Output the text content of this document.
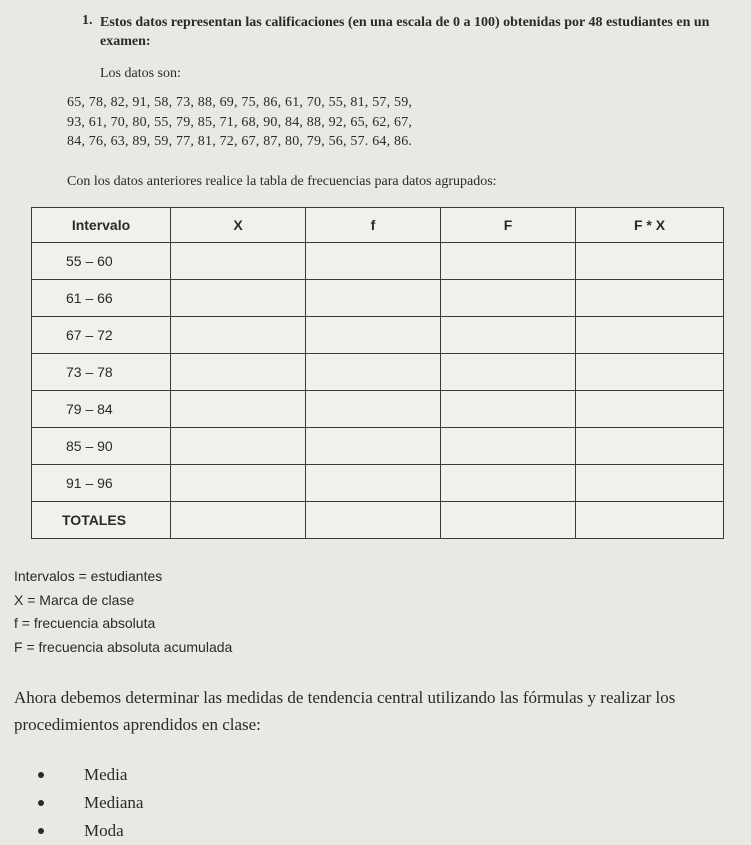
1. Estos datos representan las calificaciones (en una escala de 0 a 100) obtenidas por 48 estudiantes en un examen:
Los datos son:
65, 78, 82, 91, 58, 73, 88, 69, 75, 86, 61, 70, 55, 81, 57, 59,
93, 61, 70, 80, 55, 79, 85, 71, 68, 90, 84, 88, 92, 65, 62, 67,
84, 76, 63, 89, 59, 77, 81, 72, 67, 87, 80, 79, 56, 57. 64, 86.
Con los datos anteriores realice la tabla de frecuencias para datos agrupados:
Intervalo	X	f	F	F * X
55 – 60				
61 – 66				
67 – 72				
73 – 78				
79 – 84				
85 – 90				
91 – 96				
TOTALES				
Intervalos = estudiantes
X = Marca de clase
f = frecuencia absoluta
F = frecuencia absoluta acumulada
Ahora debemos determinar las medidas de tendencia central utilizando las fórmulas y realizar los procedimientos aprendidos en clase:
Media
Mediana
Moda
